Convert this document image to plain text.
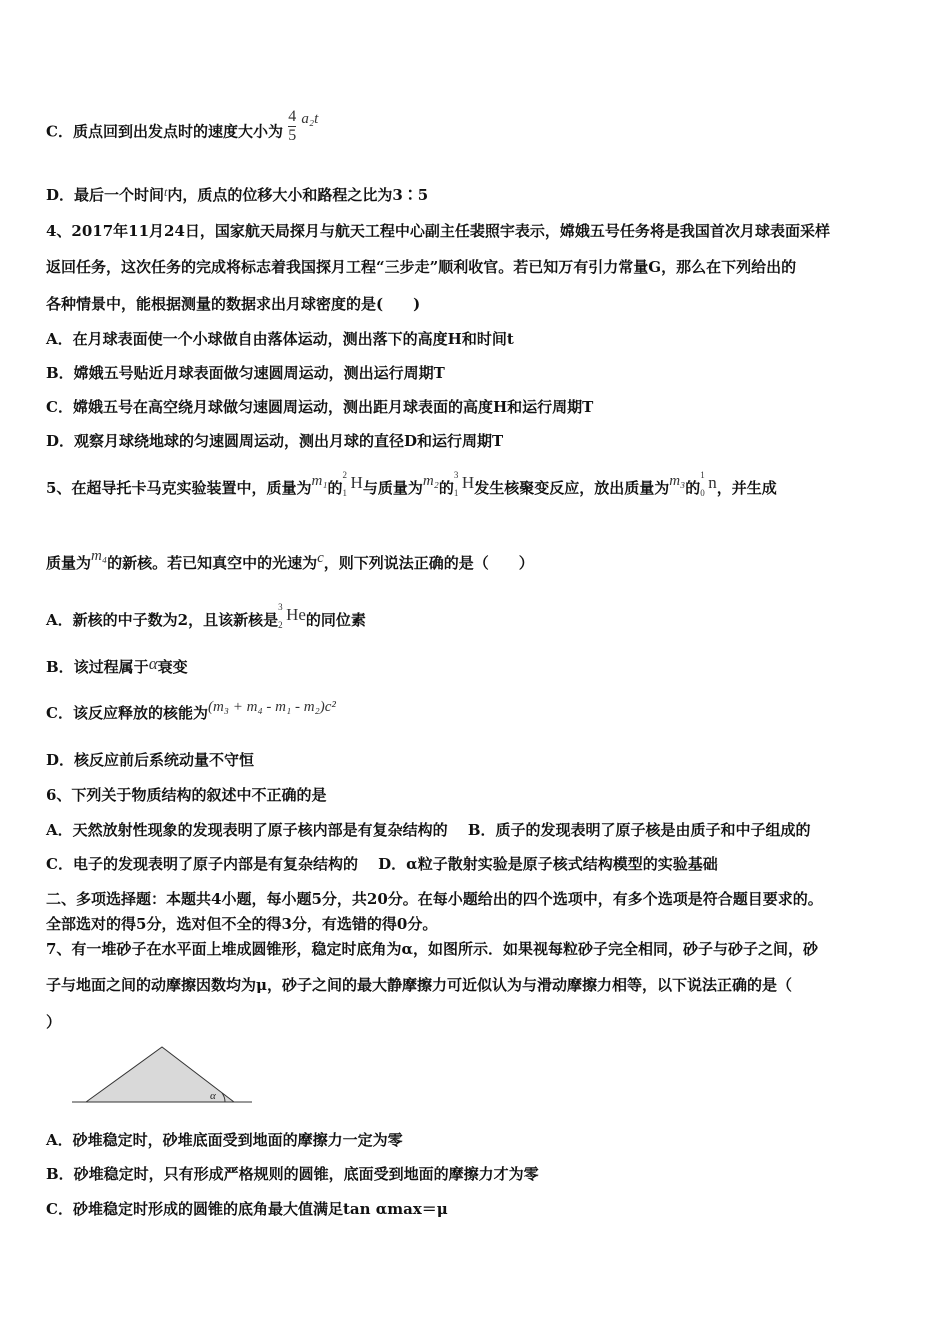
C．质点回到出发点时的速度大小为 $\frac{4}{5} a_2t$
D．最后一个时间$^t$内，质点的位移大小和路程之比为3∶5
4、2017年11月24日，国家航天局探月与航天工程中心副主任裴照宇表示，嫦娥五号任务将是我国首次月球表面采样
返回任务，这次任务的完成将标志着我国探月工程“三步走”顺利收官。若已知万有引力常量G，那么在下列给出的
各种情景中，能根据测量的数据求出月球密度的是(　　)
A．在月球表面使一个小球做自由落体运动，测出落下的高度H和时间t
B．嫦娥五号贴近月球表面做匀速圆周运动，测出运行周期T
C．嫦娥五号在高空绕月球做匀速圆周运动，测出距月球表面的高度H和运行周期T
D．观察月球绕地球的匀速圆周运动，测出月球的直径D和运行周期T
5、在超导托卡马克实验装置中，质量为m₁的
2
1
H与质量为m₂的
3
1
H发生核聚变反应，放出质量为m₃的
1
0
n，并生成
质量为m₄的新核。若已知真空中的光速为c，则下列说法正确的是（　　）
A．新核的中子数为2，且该新核是
3
2
He的同位素
B．该过程属于α衰变
C．该反应释放的核能为(m₃ + m₄ - m₁ - m₂)c²
D．核反应前后系统动量不守恒
6、下列关于物质结构的叙述中不正确的是
A．天然放射性现象的发现表明了原子核内部是有复杂结构的　 B．质子的发现表明了原子核是由质子和中子组成的
C．电子的发现表明了原子内部是有复杂结构的　 D．α粒子散射实验是原子核式结构模型的实验基础
二、多项选择题：本题共4小题，每小题5分，共20分。在每小题给出的四个选项中，有多个选项是符合题目要求的。
全部选对的得5分，选对但不全的得3分，有选错的得0分。
7、有一堆砂子在水平面上堆成圆锥形，稳定时底角为α，如图所示．如果视每粒砂子完全相同，砂子与砂子之间，砂
子与地面之间的动摩擦因数均为μ，砂子之间的最大静摩擦力可近似认为与滑动摩擦力相等，以下说法正确的是（
）
α
A．砂堆稳定时，砂堆底面受到地面的摩擦力一定为零
B．砂堆稳定时，只有形成严格规则的圆锥，底面受到地面的摩擦力才为零
C．砂堆稳定时形成的圆锥的底角最大值满足tan αmax＝μ
